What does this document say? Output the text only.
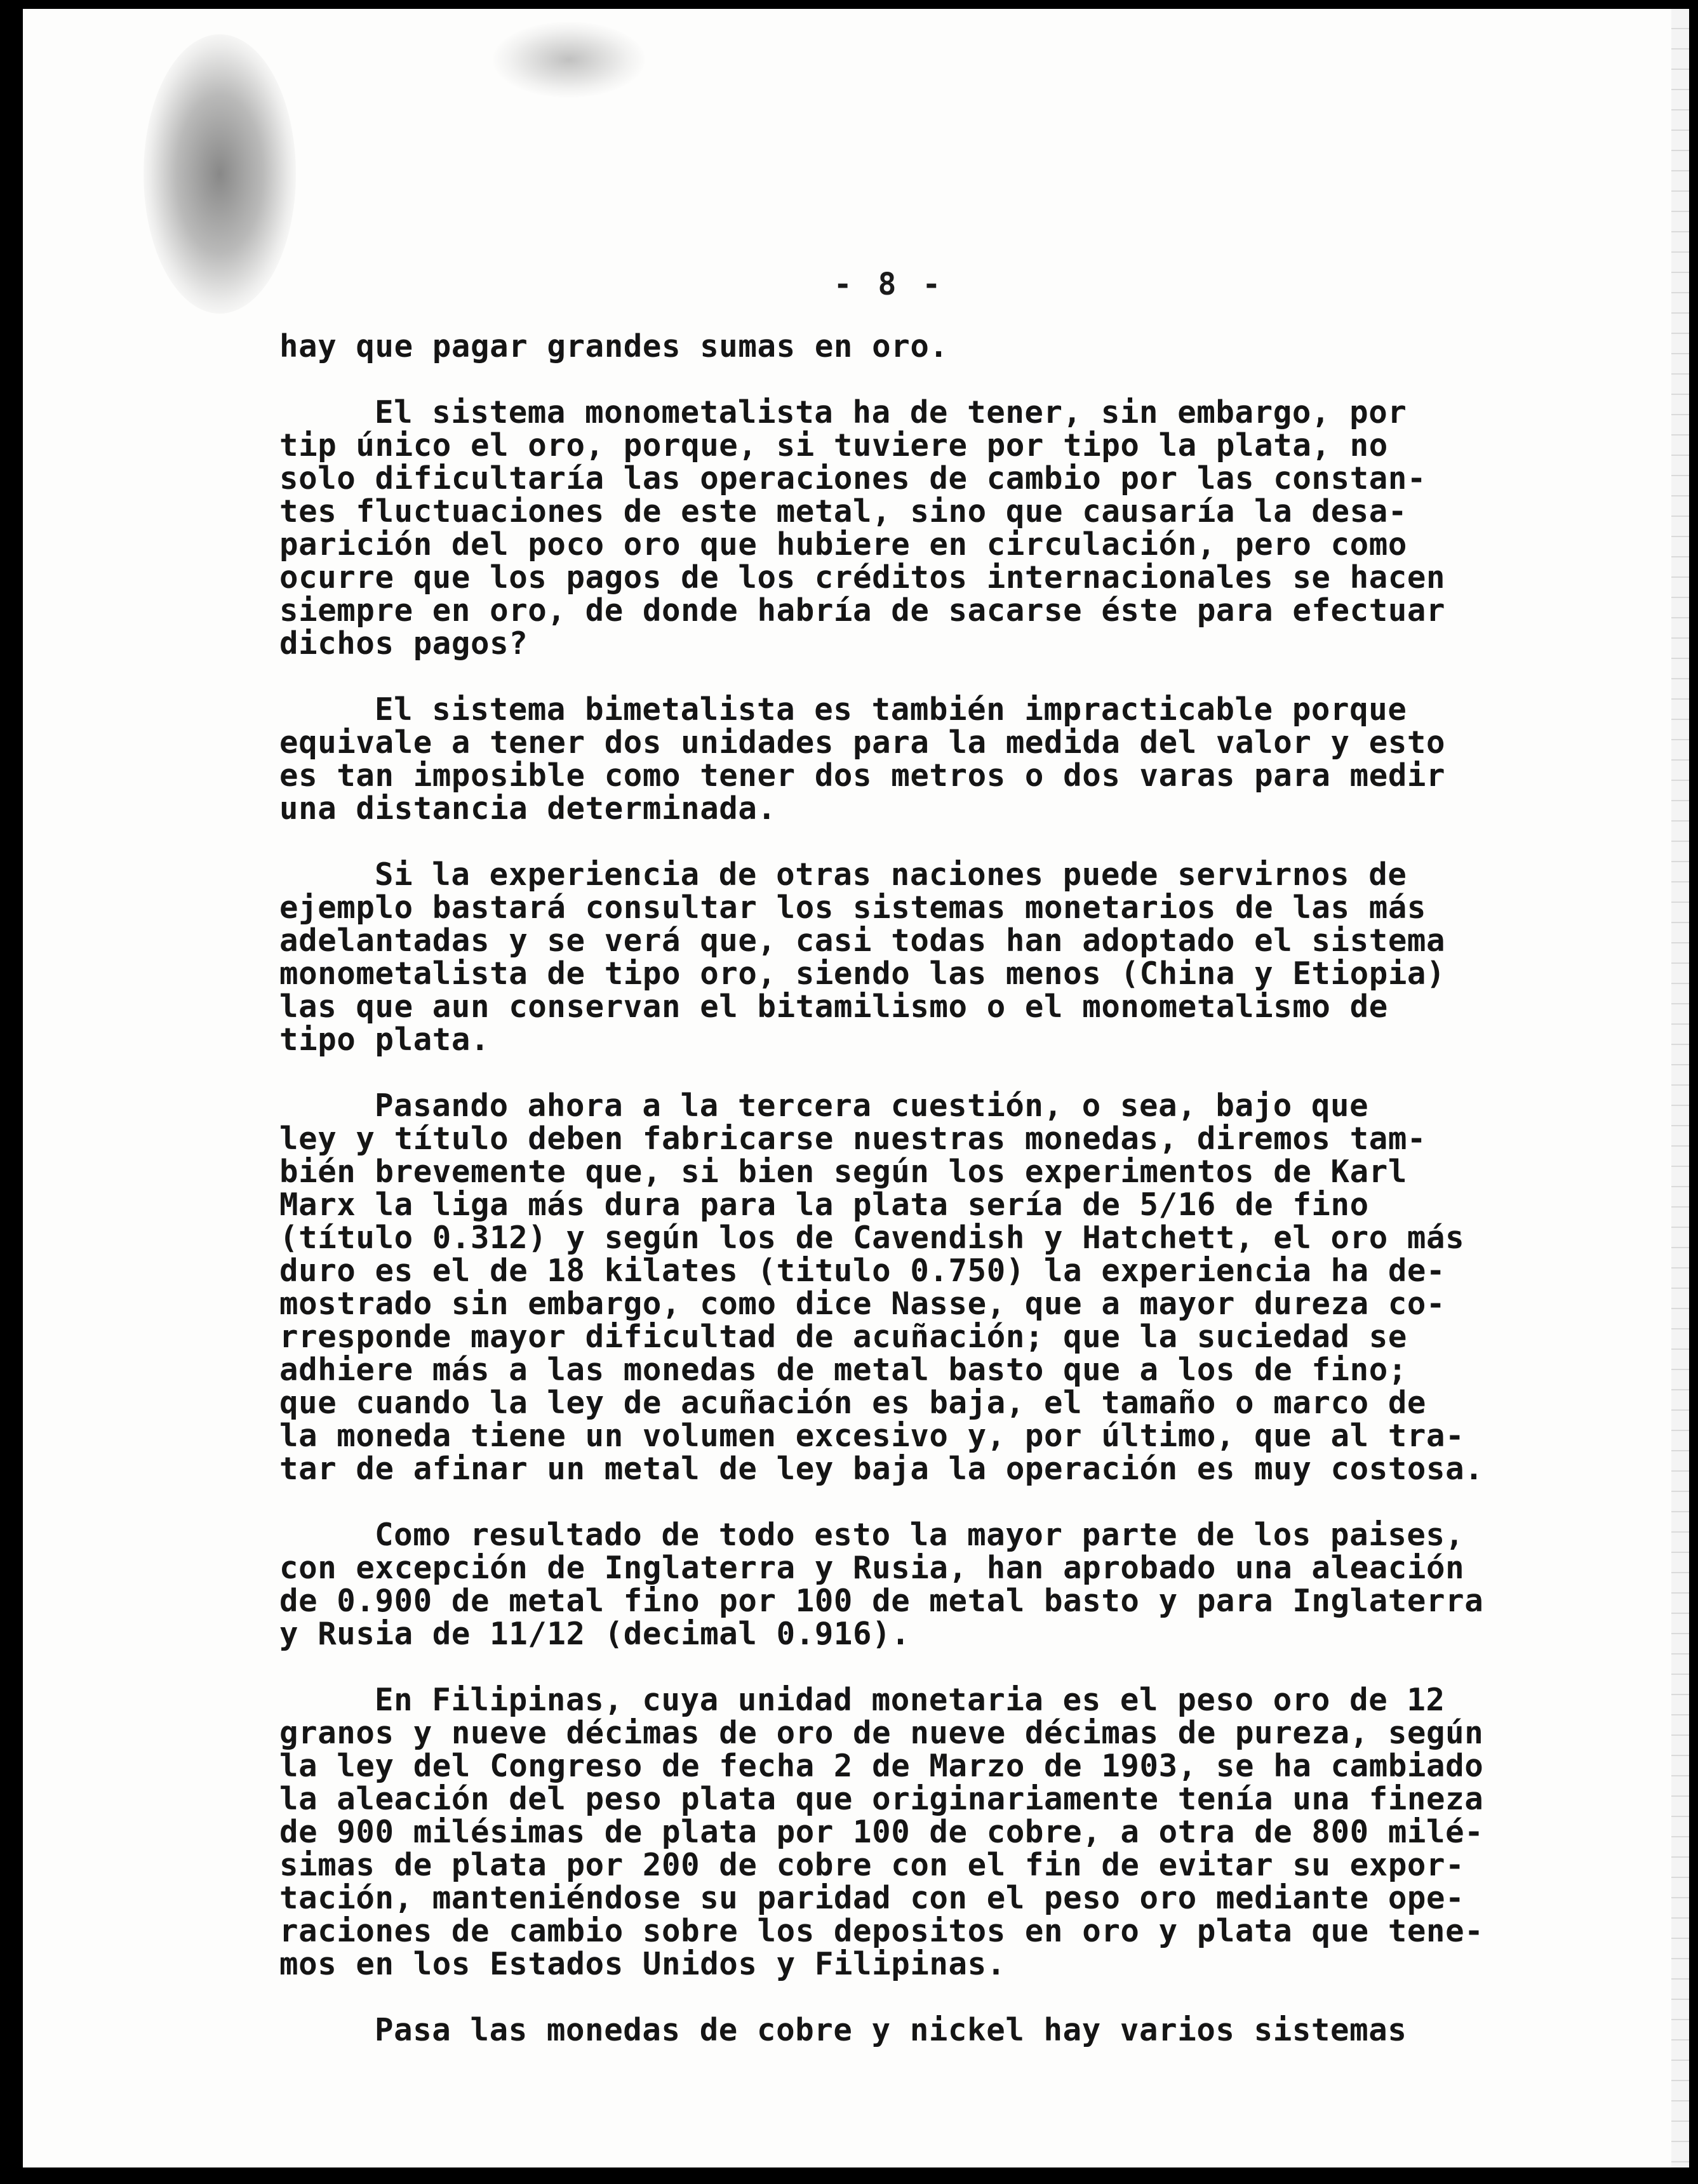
- 8 -
hay que pagar grandes sumas en oro.
El sistema monometalista ha de tener, sin embargo, por
tip único el oro, porque, si tuviere por tipo la plata, no
solo dificultaría las operaciones de cambio por las constan-
tes fluctuaciones de este metal, sino que causaría la desa-
parición del poco oro que hubiere en circulación, pero como
ocurre que los pagos de los créditos internacionales se hacen
siempre en oro, de donde habría de sacarse éste para efectuar
dichos pagos?
El sistema bimetalista es también impracticable porque
equivale a tener dos unidades para la medida del valor y esto
es tan imposible como tener dos metros o dos varas para medir
una distancia determinada.
Si la experiencia de otras naciones puede servirnos de
ejemplo bastará consultar los sistemas monetarios de las más
adelantadas y se verá que, casi todas han adoptado el sistema
monometalista de tipo oro, siendo las menos (China y Etiopia)
las que aun conservan el bitamilismo o el monometalismo de
tipo plata.
Pasando ahora a la tercera cuestión, o sea, bajo que
ley y título deben fabricarse nuestras monedas, diremos tam-
bién brevemente que, si bien según los experimentos de Karl
Marx la liga más dura para la plata sería de 5/16 de fino
(título 0.312) y según los de Cavendish y Hatchett, el oro más
duro es el de 18 kilates (titulo 0.750) la experiencia ha de-
mostrado sin embargo, como dice Nasse, que a mayor dureza co-
rresponde mayor dificultad de acuñación; que la suciedad se
adhiere más a las monedas de metal basto que a los de fino;
que cuando la ley de acuñación es baja, el tamaño o marco de
la moneda tiene un volumen excesivo y, por último, que al tra-
tar de afinar un metal de ley baja la operación es muy costosa.
Como resultado de todo esto la mayor parte de los paises,
con excepción de Inglaterra y Rusia, han aprobado una aleación
de 0.900 de metal fino por 100 de metal basto y para Inglaterra
y Rusia de 11/12 (decimal 0.916).
En Filipinas, cuya unidad monetaria es el peso oro de 12
granos y nueve décimas de oro de nueve décimas de pureza, según
la ley del Congreso de fecha 2 de Marzo de 1903, se ha cambiado
la aleación del peso plata que originariamente tenía una fineza
de 900 milésimas de plata por 100 de cobre, a otra de 800 milé-
simas de plata por 200 de cobre con el fin de evitar su expor-
tación, manteniéndose su paridad con el peso oro mediante ope-
raciones de cambio sobre los depositos en oro y plata que tene-
mos en los Estados Unidos y Filipinas.
Pasa las monedas de cobre y nickel hay varios sistemas
